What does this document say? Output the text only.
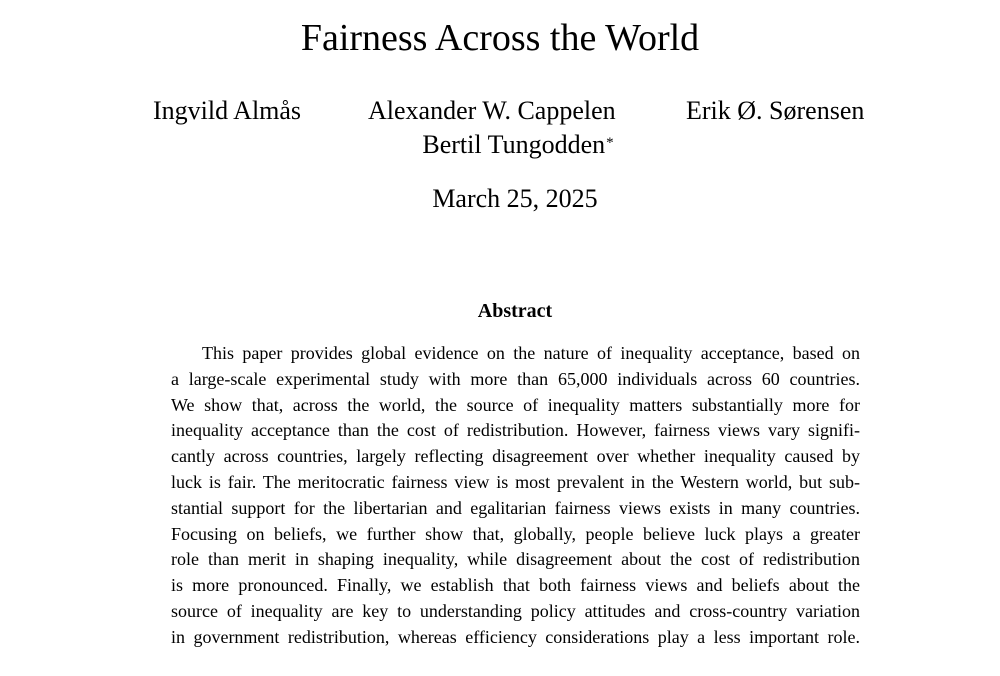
Fairness Across the World
Ingvild Almås	Alexander W. Cappelen	Erik Ø. Sørensen
Bertil Tungodden*
March 25, 2025
Abstract
This paper provides global evidence on the nature of inequality acceptance, based on
a large-scale experimental study with more than 65,000 individuals across 60 countries.
We show that, across the world, the source of inequality matters substantially more for
inequality acceptance than the cost of redistribution. However, fairness views vary signifi-
cantly across countries, largely reflecting disagreement over whether inequality caused by
luck is fair. The meritocratic fairness view is most prevalent in the Western world, but sub-
stantial support for the libertarian and egalitarian fairness views exists in many countries.
Focusing on beliefs, we further show that, globally, people believe luck plays a greater
role than merit in shaping inequality, while disagreement about the cost of redistribution
is more pronounced. Finally, we establish that both fairness views and beliefs about the
source of inequality are key to understanding policy attitudes and cross-country variation
in government redistribution, whereas efficiency considerations play a less important role.
